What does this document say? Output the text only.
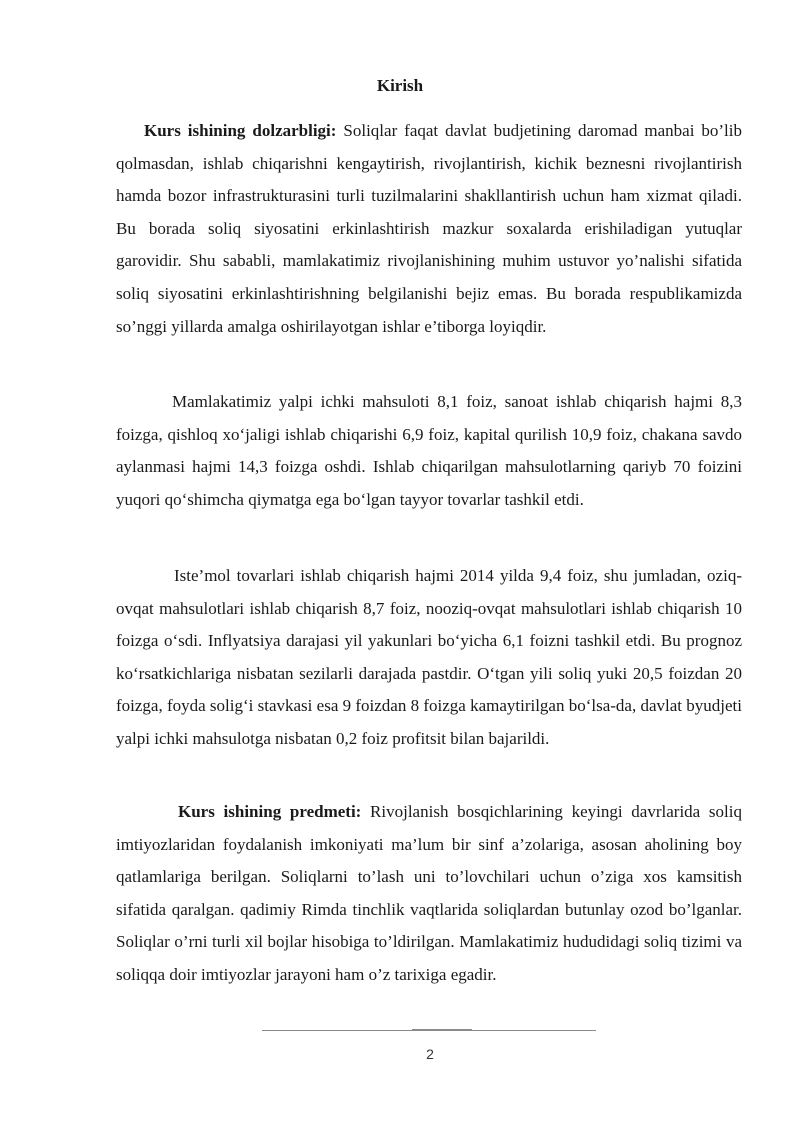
Kirish

Kurs ishining dolzarbligi: Soliqlar faqat davlat budjetining daromad manbai bo’lib qolmasdan, ishlab chiqarishni kengaytirish, rivojlantirish, kichik beznesni rivojlantirish hamda bozor infrastrukturasini turli tuzilmalarini shakllantirish uchun ham xizmat qiladi. Bu borada soliq siyosatini erkinlashtirish mazkur soxalarda erishiladigan yutuqlar garovidir. Shu sababli, mamlakatimiz rivojlanishining muhim ustuvor yo’nalishi sifatida soliq siyosatini erkinlashtirishning belgilanishi bejiz emas. Bu borada respublikamizda so’nggi yillarda amalga oshirilayotgan ishlar e’tiborga loyiqdir.

Mamlakatimiz yalpi ichki mahsuloti 8,1 foiz, sanoat ishlab chiqarish hajmi 8,3 foizga, qishloq xo‘jaligi ishlab chiqarishi 6,9 foiz, kapital qurilish 10,9 foiz, chakana savdo aylanmasi hajmi 14,3 foizga oshdi. Ishlab chiqarilgan mahsulotlarning qariyb 70 foizini yuqori qo‘shimcha qiymatga ega bo‘lgan tayyor tovarlar tashkil etdi.

Iste’mol tovarlari ishlab chiqarish hajmi 2014 yilda 9,4 foiz, shu jumladan, oziq-ovqat mahsulotlari ishlab chiqarish 8,7 foiz, nooziq-ovqat mahsulotlari ishlab chiqarish 10 foizga o‘sdi. Inflyatsiya darajasi yil yakunlari bo‘yicha 6,1 foizni tashkil etdi. Bu prognoz ko‘rsatkichlariga nisbatan sezilarli darajada pastdir. O‘tgan yili soliq yuki 20,5 foizdan 20 foizga, foyda solig‘i stavkasi esa 9 foizdan 8 foizga kamaytirilgan bo‘lsa-da, davlat byudjeti yalpi ichki mahsulotga nisbatan 0,2 foiz profitsit bilan bajarildi.

Kurs ishining predmeti: Rivojlanish bosqichlarining keyingi davrlarida soliq imtiyozlaridan foydalanish imkoniyati ma’lum bir sinf a’zolariga, asosan aholining boy qatlamlariga berilgan. Soliqlarni to’lash uni to’lovchilari uchun o’ziga xos kamsitish sifatida qaralgan. qadimiy Rimda tinchlik vaqtlarida soliqlardan butunlay ozod bo’lganlar. Soliqlar o’rni turli xil bojlar hisobiga to’ldirilgan. Mamlakatimiz hududidagi soliq tizimi va soliqqa doir imtiyozlar jarayoni ham o’z tarixiga egadir.

2
